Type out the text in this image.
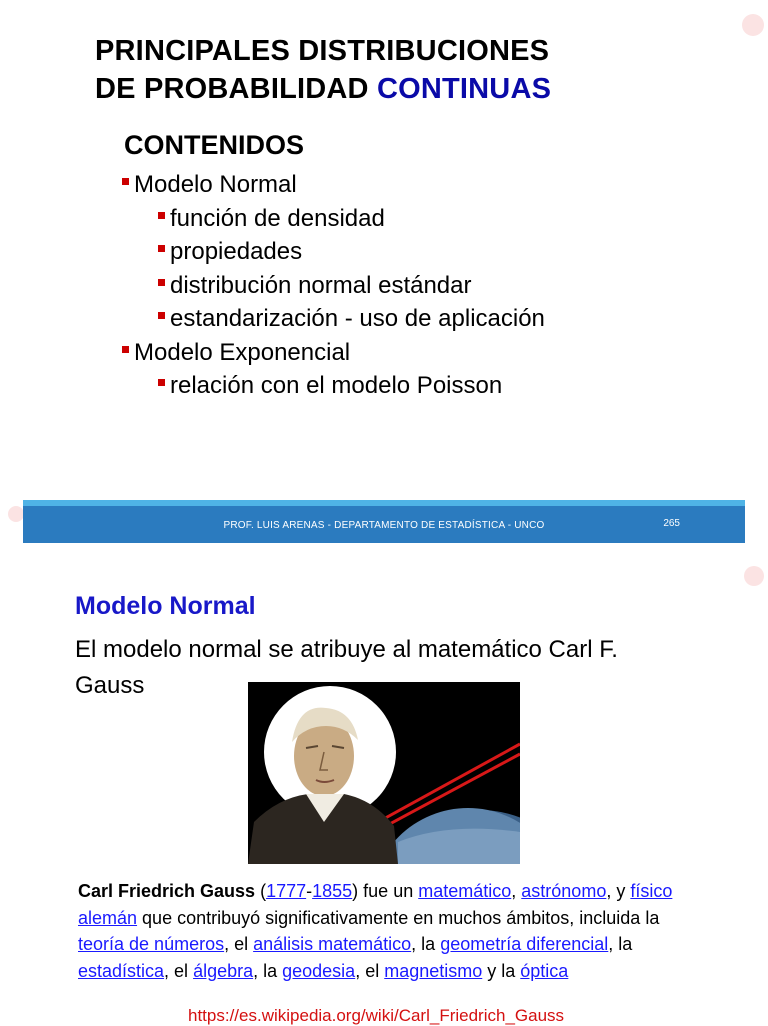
PRINCIPALES DISTRIBUCIONES
DE PROBABILIDAD CONTINUAS
CONTENIDOS
Modelo Normal
función de densidad
propiedades
distribución normal estándar
estandarización - uso de aplicación
Modelo Exponencial
relación con el modelo Poisson
PROF. LUIS ARENAS - DEPARTAMENTO DE ESTADÍSTICA - UNCO	265
Modelo Normal
El modelo normal se atribuye al matemático Carl F. Gauss
Carl Friedrich Gauss (1777-1855) fue un matemático, astrónomo, y físico alemán que contribuyó significativamente en muchos ámbitos, incluida la teoría de números, el análisis matemático, la geometría diferencial, la estadística, el álgebra, la geodesia, el magnetismo y la óptica
https://es.wikipedia.org/wiki/Carl_Friedrich_Gauss
